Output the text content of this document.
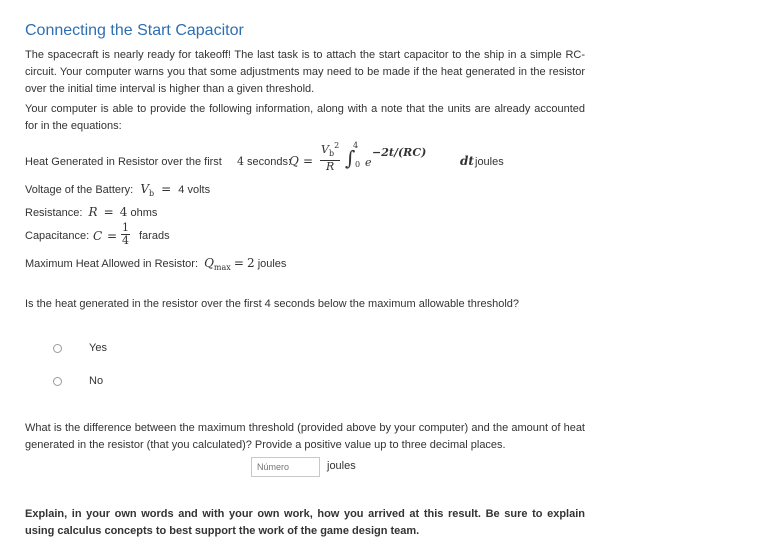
Connecting the Start Capacitor

The spacecraft is nearly ready for takeoff! The last task is to attach the start capacitor to the ship in a simple RC-circuit. Your computer warns you that some adjustments may need to be made if the heat generated in the resistor over the initial time interval is higher than a given threshold.

Your computer is able to provide the following information, along with a note that the units are already accounted for in the equations:

Heat Generated in Resistor over the first 4 seconds:
$Q = \frac{V_b^2}{R} 4$
∫ 0 e
−2t/(RC)
dt joules
Voltage of the Battery: $V_b = 4$ volts
Resistance: R = 4 ohms
Capacitance: $C = \frac{1}{4}$ farads
Maximum Heat Allowed in Resistor: $Q_{max} = 2$ joules
Is the heat generated in the resistor over the first 4 seconds below the maximum allowable threshold?
Yes
No

What is the difference between the maximum threshold (provided above by your computer) and the amount of heat generated in the resistor (that you calculated)? Provide a positive value up to three decimal places.

Número
joules

Explain, in your own words and with your own work, how you arrived at this result. Be sure to explain using calculus concepts to best support the work of the game design team.
